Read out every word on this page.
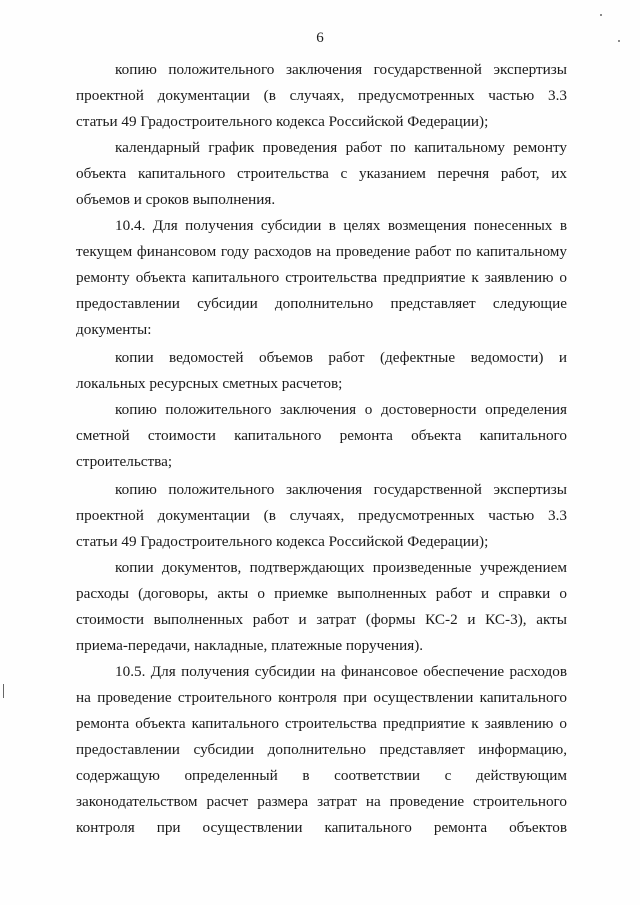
6
копию положительного заключения государственной экспертизы
проектной документации (в случаях, предусмотренных частью 3.3
статьи 49 Градостроительного кодекса Российской Федерации);
календарный график проведения работ по капитальному ремонту
объекта капитального строительства с указанием перечня работ, их
объемов и сроков выполнения.
10.4. Для получения субсидии в целях возмещения понесенных в
текущем финансовом году расходов на проведение работ по капитальному
ремонту объекта капитального строительства предприятие к заявлению о
предоставлении субсидии дополнительно представляет следующие
документы:
копии ведомостей объемов работ (дефектные ведомости) и
локальных ресурсных сметных расчетов;
копию положительного заключения о достоверности определения
сметной стоимости капитального ремонта объекта капитального
строительства;
копию положительного заключения государственной экспертизы
проектной документации (в случаях, предусмотренных частью 3.3
статьи 49 Градостроительного кодекса Российской Федерации);
копии документов, подтверждающих произведенные учреждением
расходы (договоры, акты о приемке выполненных работ и справки о
стоимости выполненных работ и затрат (формы КС-2 и КС-3), акты
приема-передачи, накладные, платежные поручения).
10.5. Для получения субсидии на финансовое обеспечение расходов
на проведение строительного контроля при осуществлении капитального
ремонта объекта капитального строительства предприятие к заявлению о
предоставлении субсидии дополнительно представляет информацию,
содержащую определенный в соответствии с действующим
законодательством расчет размера затрат на проведение строительного
контроля при осуществлении капитального ремонта объектов
